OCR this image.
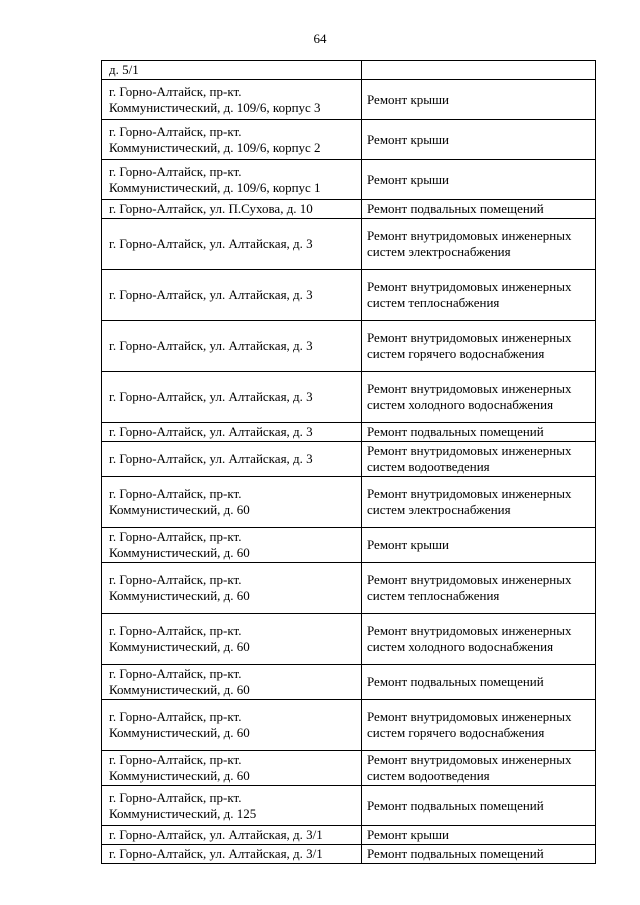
64
д. 5/1	
г. Горно-Алтайск, пр-кт. Коммунистический, д. 109/6, корпус 3	Ремонт крыши
г. Горно-Алтайск, пр-кт. Коммунистический, д. 109/6, корпус 2	Ремонт крыши
г. Горно-Алтайск, пр-кт. Коммунистический, д. 109/6, корпус 1	Ремонт крыши
г. Горно-Алтайск, ул. П.Сухова, д. 10	Ремонт подвальных помещений
г. Горно-Алтайск, ул. Алтайская, д. 3	Ремонт внутридомовых инженерных систем электроснабжения
г. Горно-Алтайск, ул. Алтайская, д. 3	Ремонт внутридомовых инженерных систем теплоснабжения
г. Горно-Алтайск, ул. Алтайская, д. 3	Ремонт внутридомовых инженерных систем горячего водоснабжения
г. Горно-Алтайск, ул. Алтайская, д. 3	Ремонт внутридомовых инженерных систем холодного водоснабжения
г. Горно-Алтайск, ул. Алтайская, д. 3	Ремонт подвальных помещений
г. Горно-Алтайск, ул. Алтайская, д. 3	Ремонт внутридомовых инженерных систем водоотведения
г. Горно-Алтайск, пр-кт. Коммунистический, д. 60	Ремонт внутридомовых инженерных систем электроснабжения
г. Горно-Алтайск, пр-кт. Коммунистический, д. 60	Ремонт крыши
г. Горно-Алтайск, пр-кт. Коммунистический, д. 60	Ремонт внутридомовых инженерных систем теплоснабжения
г. Горно-Алтайск, пр-кт. Коммунистический, д. 60	Ремонт внутридомовых инженерных систем холодного водоснабжения
г. Горно-Алтайск, пр-кт. Коммунистический, д. 60	Ремонт подвальных помещений
г. Горно-Алтайск, пр-кт. Коммунистический, д. 60	Ремонт внутридомовых инженерных систем горячего водоснабжения
г. Горно-Алтайск, пр-кт. Коммунистический, д. 60	Ремонт внутридомовых инженерных систем водоотведения
г. Горно-Алтайск, пр-кт. Коммунистический, д. 125	Ремонт подвальных помещений
г. Горно-Алтайск, ул. Алтайская, д. 3/1	Ремонт крыши
г. Горно-Алтайск, ул. Алтайская, д. 3/1	Ремонт подвальных помещений
